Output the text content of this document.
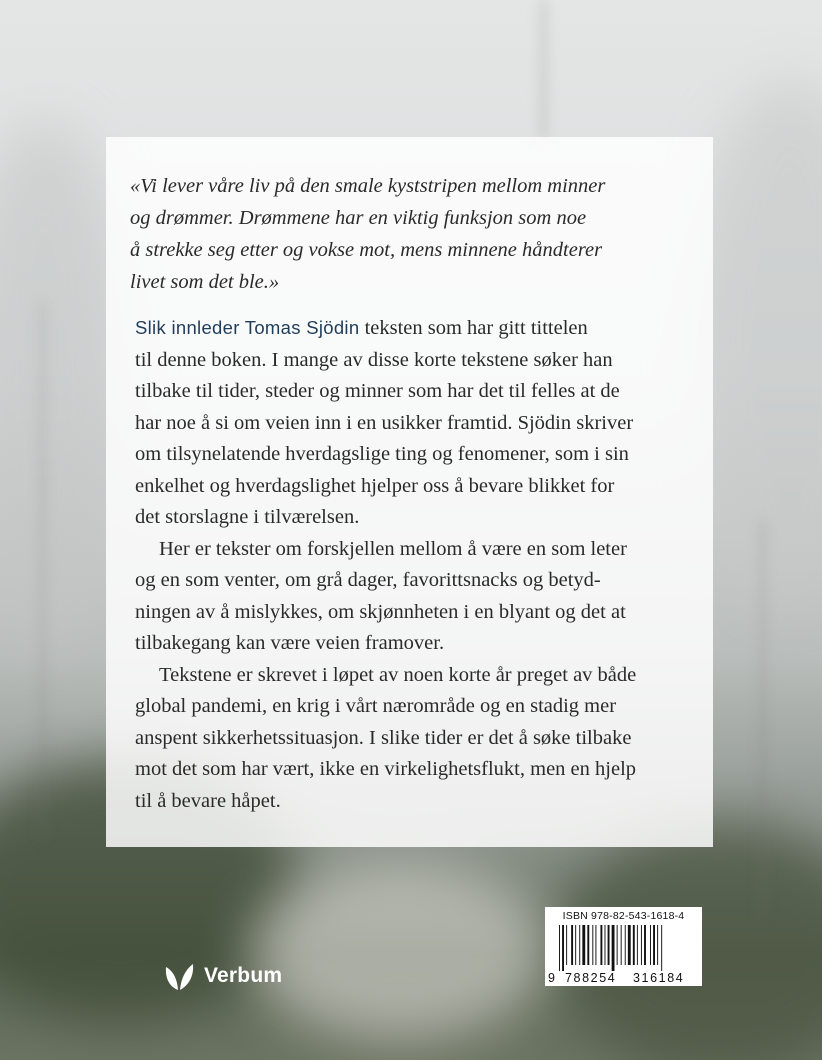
«Vi lever våre liv på den smale kyststripen mellom minner
og drømmer. Drømmene har en viktig funksjon som noe
å strekke seg etter og vokse mot, mens minnene håndterer
livet som det ble.»

Slik innleder Tomas Sjödin teksten som har gitt tittelen
til denne boken. I mange av disse korte tekstene søker han
tilbake til tider, steder og minner som har det til felles at de
har noe å si om veien inn i en usikker framtid. Sjödin skriver
om tilsynelatende hverdagslige ting og fenomener, som i sin
enkelhet og hverdagslighet hjelper oss å bevare blikket for
det storslagne i tilværelsen.

Her er tekster om forskjellen mellom å være en som leter
og en som venter, om grå dager, favorittsnacks og betyd-
ningen av å mislykkes, om skjønnheten i en blyant og det at
tilbakegang kan være veien framover.

Tekstene er skrevet i løpet av noen korte år preget av både
global pandemi, en krig i vårt nærområde og en stadig mer
anspent sikkerhetssituasjon. I slike tider er det å søke tilbake
mot det som har vært, ikke en virkelighetsflukt, men en hjelp
til å bevare håpet.

Verbum
ISBN 978-82-543-1618-4
9 788254 316184
